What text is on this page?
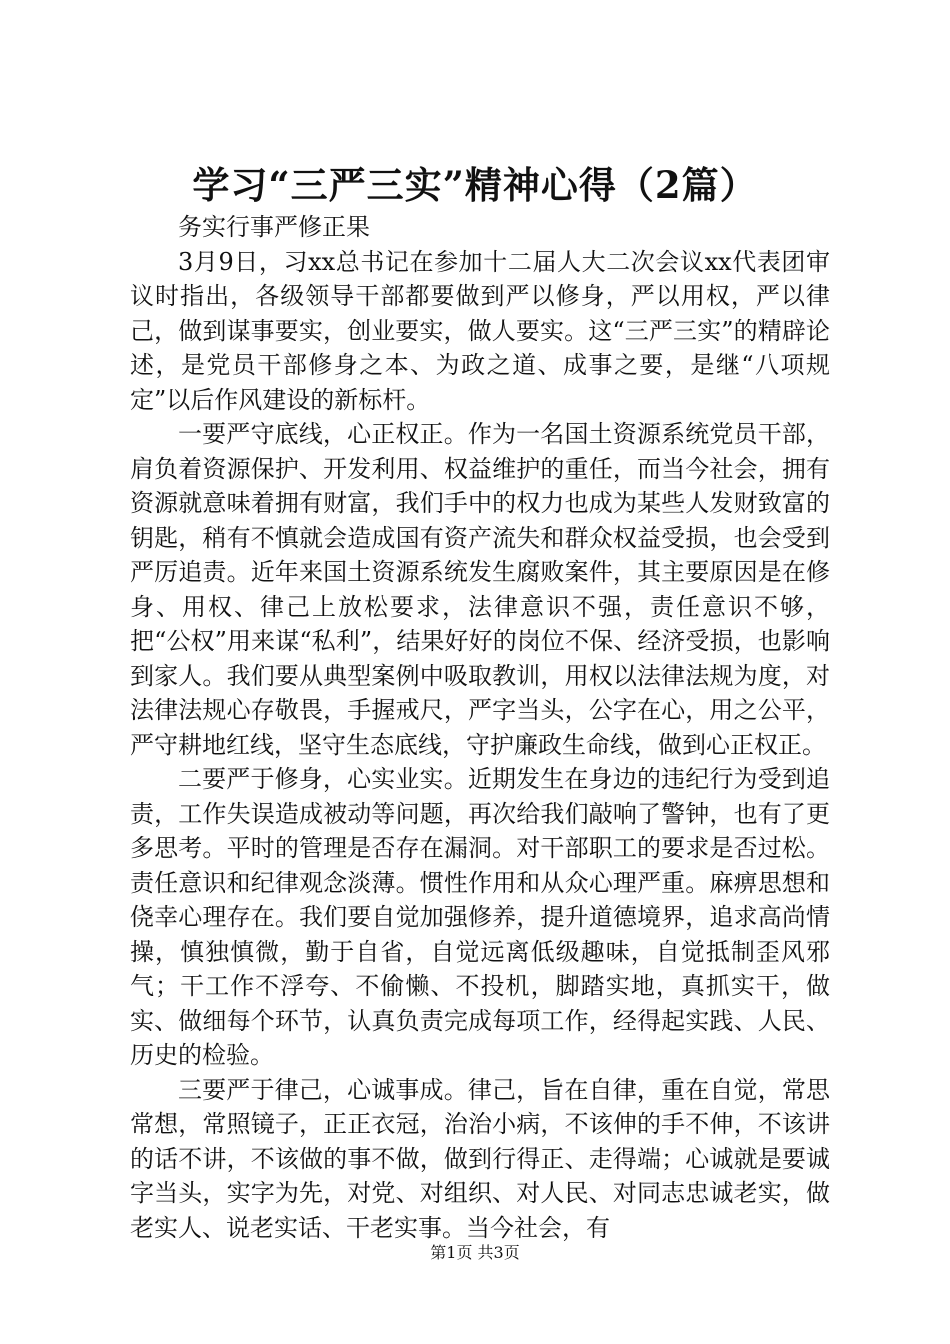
学习“三严三实”精神心得（2篇）
务实行事严修正果

3月9日，习xx总书记在参加十二届人大二次会议xx代表团审议时指出，各级领导干部都要做到严以修身，严以用权，严以律己，做到谋事要实，创业要实，做人要实。这“三严三实”的精辟论述，是党员干部修身之本、为政之道、成事之要，是继“八项规定”以后作风建设的新标杆。

一要严守底线，心正权正。作为一名国土资源系统党员干部，肩负着资源保护、开发利用、权益维护的重任，而当今社会，拥有资源就意味着拥有财富，我们手中的权力也成为某些人发财致富的钥匙，稍有不慎就会造成国有资产流失和群众权益受损，也会受到严厉追责。近年来国土资源系统发生腐败案件，其主要原因是在修身、用权、律己上放松要求，法律意识不强，责任意识不够，把“公权”用来谋“私利”，结果好好的岗位不保、经济受损，也影响到家人。我们要从典型案例中吸取教训，用权以法律法规为度，对法律法规心存敬畏，手握戒尺，严字当头，公字在心，用之公平，严守耕地红线，坚守生态底线，守护廉政生命线，做到心正权正。

二要严于修身，心实业实。近期发生在身边的违纪行为受到追责，工作失误造成被动等问题，再次给我们敲响了警钟，也有了更多思考。平时的管理是否存在漏洞。对干部职工的要求是否过松。责任意识和纪律观念淡薄。惯性作用和从众心理严重。麻痹思想和侥幸心理存在。我们要自觉加强修养，提升道德境界，追求高尚情操，慎独慎微，勤于自省，自觉远离低级趣味，自觉抵制歪风邪气；干工作不浮夸、不偷懒、不投机，脚踏实地，真抓实干，做实、做细每个环节，认真负责完成每项工作，经得起实践、人民、历史的检验。

三要严于律己，心诚事成。律己，旨在自律，重在自觉，常思常想，常照镜子，正正衣冠，治治小病，不该伸的手不伸，不该讲的话不讲，不该做的事不做，做到行得正、走得端；心诚就是要诚字当头，实字为先，对党、对组织、对人民、对同志忠诚老实，做老实人、说老实话、干老实事。当今社会，有

第1页 共3页
